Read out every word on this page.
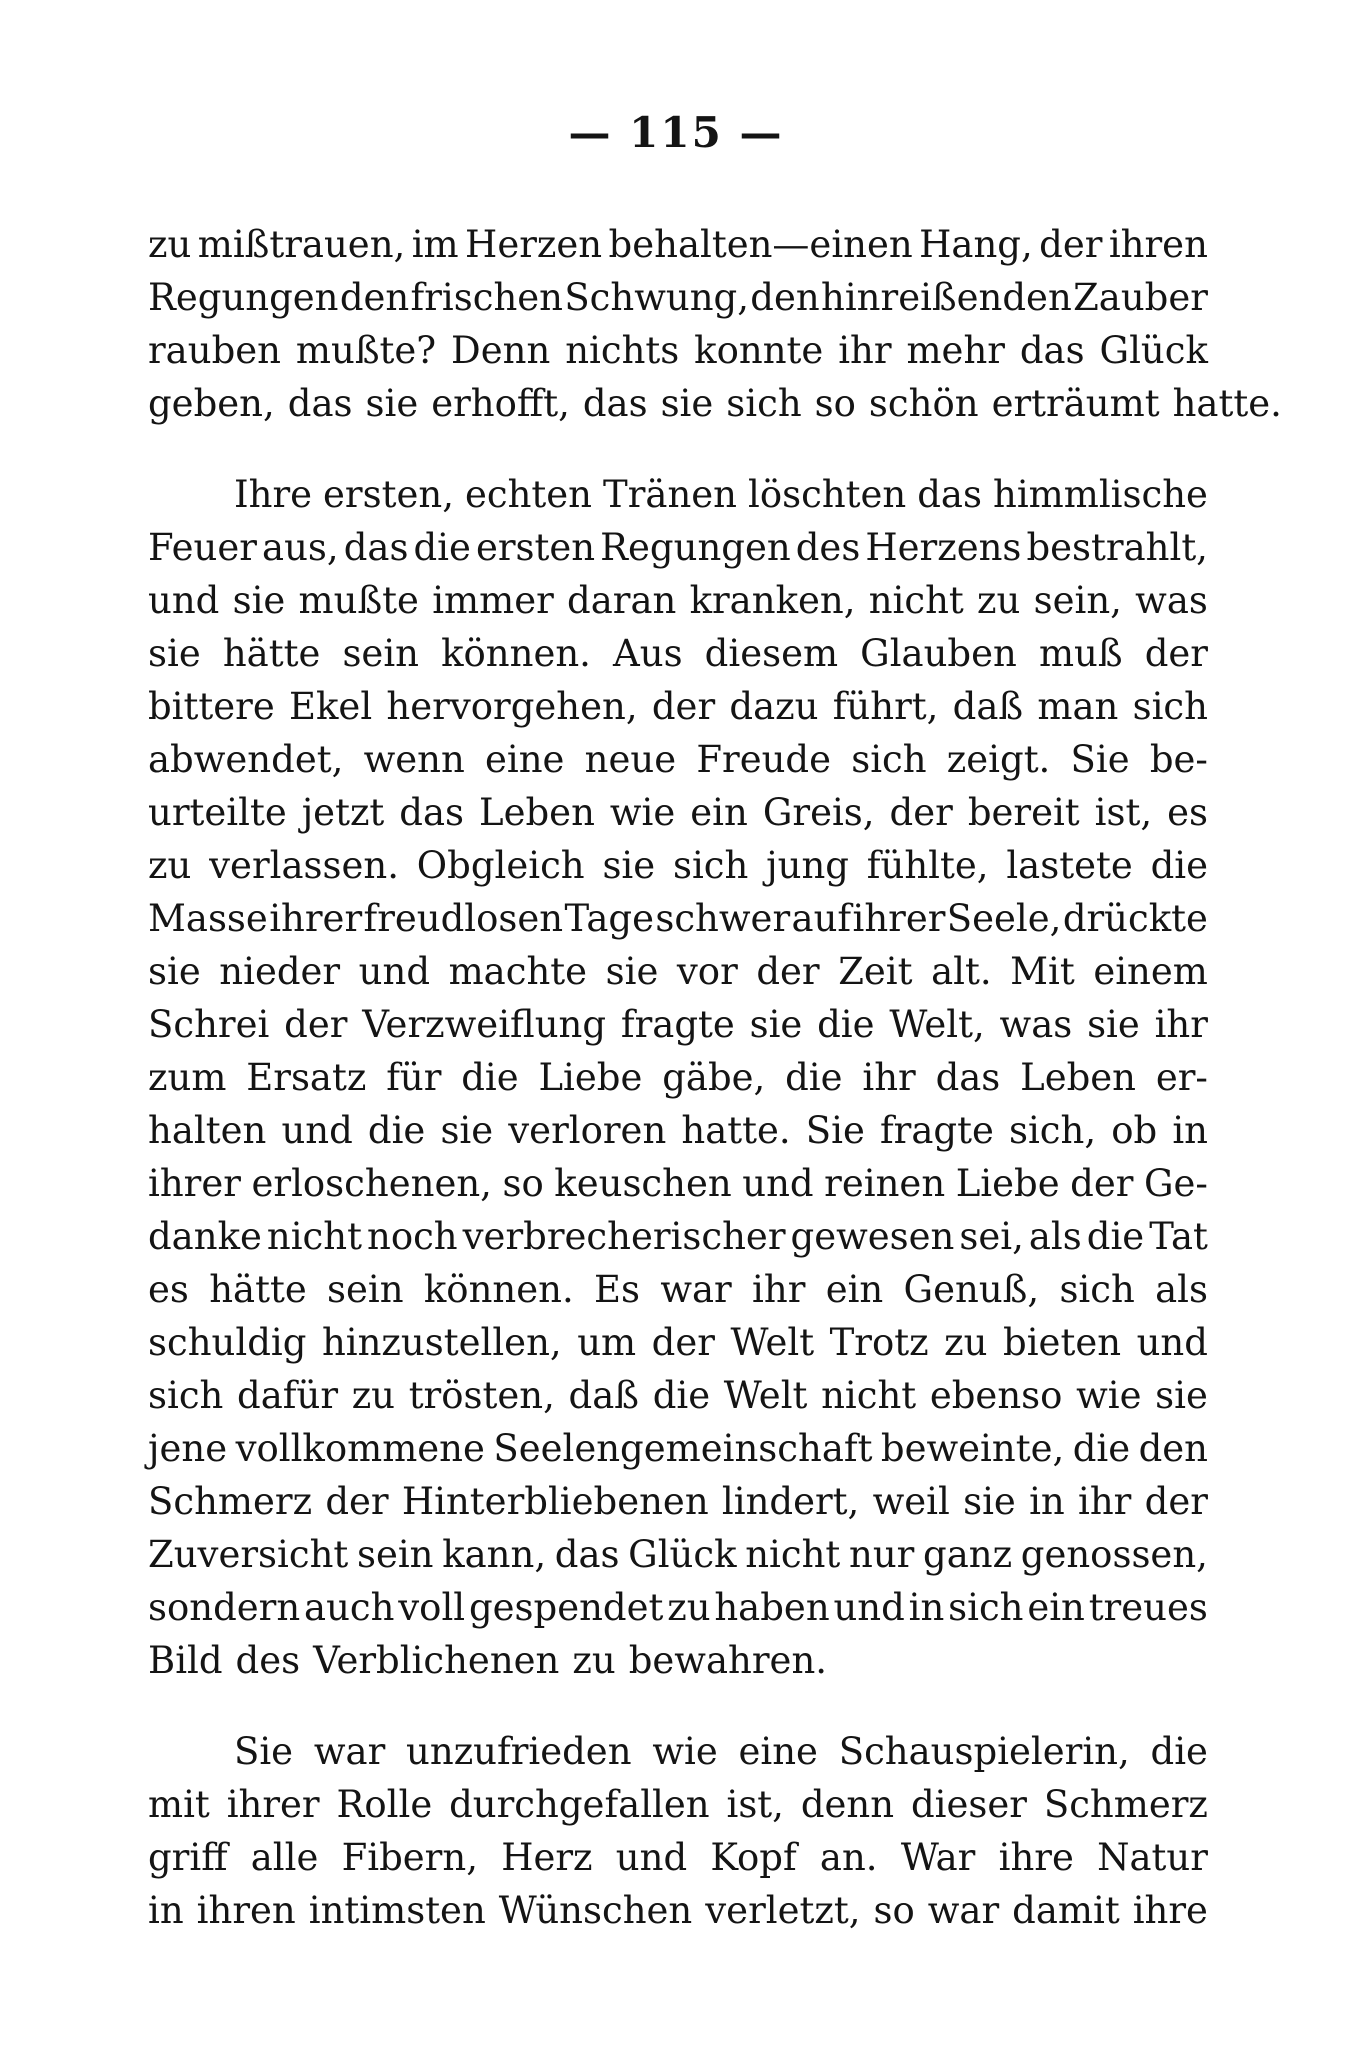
— 115 —
zu mißtrauen, im Herzen behalten—einen Hang, der ihren
Regungen den frischen Schwung, den hinreißenden Zauber
rauben mußte? Denn nichts konnte ihr mehr das Glück
geben, das sie erhofft, das sie sich so schön erträumt hatte.
Ihre ersten, echten Tränen löschten das himmlische
Feuer aus, das die ersten Regungen des Herzens bestrahlt,
und sie mußte immer daran kranken, nicht zu sein, was
sie hätte sein können. Aus diesem Glauben muß der
bittere Ekel hervorgehen, der dazu führt, daß man sich
abwendet, wenn eine neue Freude sich zeigt. Sie be-
urteilte jetzt das Leben wie ein Greis, der bereit ist, es
zu verlassen. Obgleich sie sich jung fühlte, lastete die
Masse ihrer freudlosen Tage schwer auf ihrer Seele, drückte
sie nieder und machte sie vor der Zeit alt. Mit einem
Schrei der Verzweiflung fragte sie die Welt, was sie ihr
zum Ersatz für die Liebe gäbe, die ihr das Leben er-
halten und die sie verloren hatte. Sie fragte sich, ob in
ihrer erloschenen, so keuschen und reinen Liebe der Ge-
danke nicht noch verbrecherischer gewesen sei, als die Tat
es hätte sein können. Es war ihr ein Genuß, sich als
schuldig hinzustellen, um der Welt Trotz zu bieten und
sich dafür zu trösten, daß die Welt nicht ebenso wie sie
jene vollkommene Seelengemeinschaft beweinte, die den
Schmerz der Hinterbliebenen lindert, weil sie in ihr der
Zuversicht sein kann, das Glück nicht nur ganz genossen,
sondern auch voll gespendet zu haben und in sich ein treues
Bild des Verblichenen zu bewahren.
Sie war unzufrieden wie eine Schauspielerin, die
mit ihrer Rolle durchgefallen ist, denn dieser Schmerz
griff alle Fibern, Herz und Kopf an. War ihre Natur
in ihren intimsten Wünschen verletzt, so war damit ihre
